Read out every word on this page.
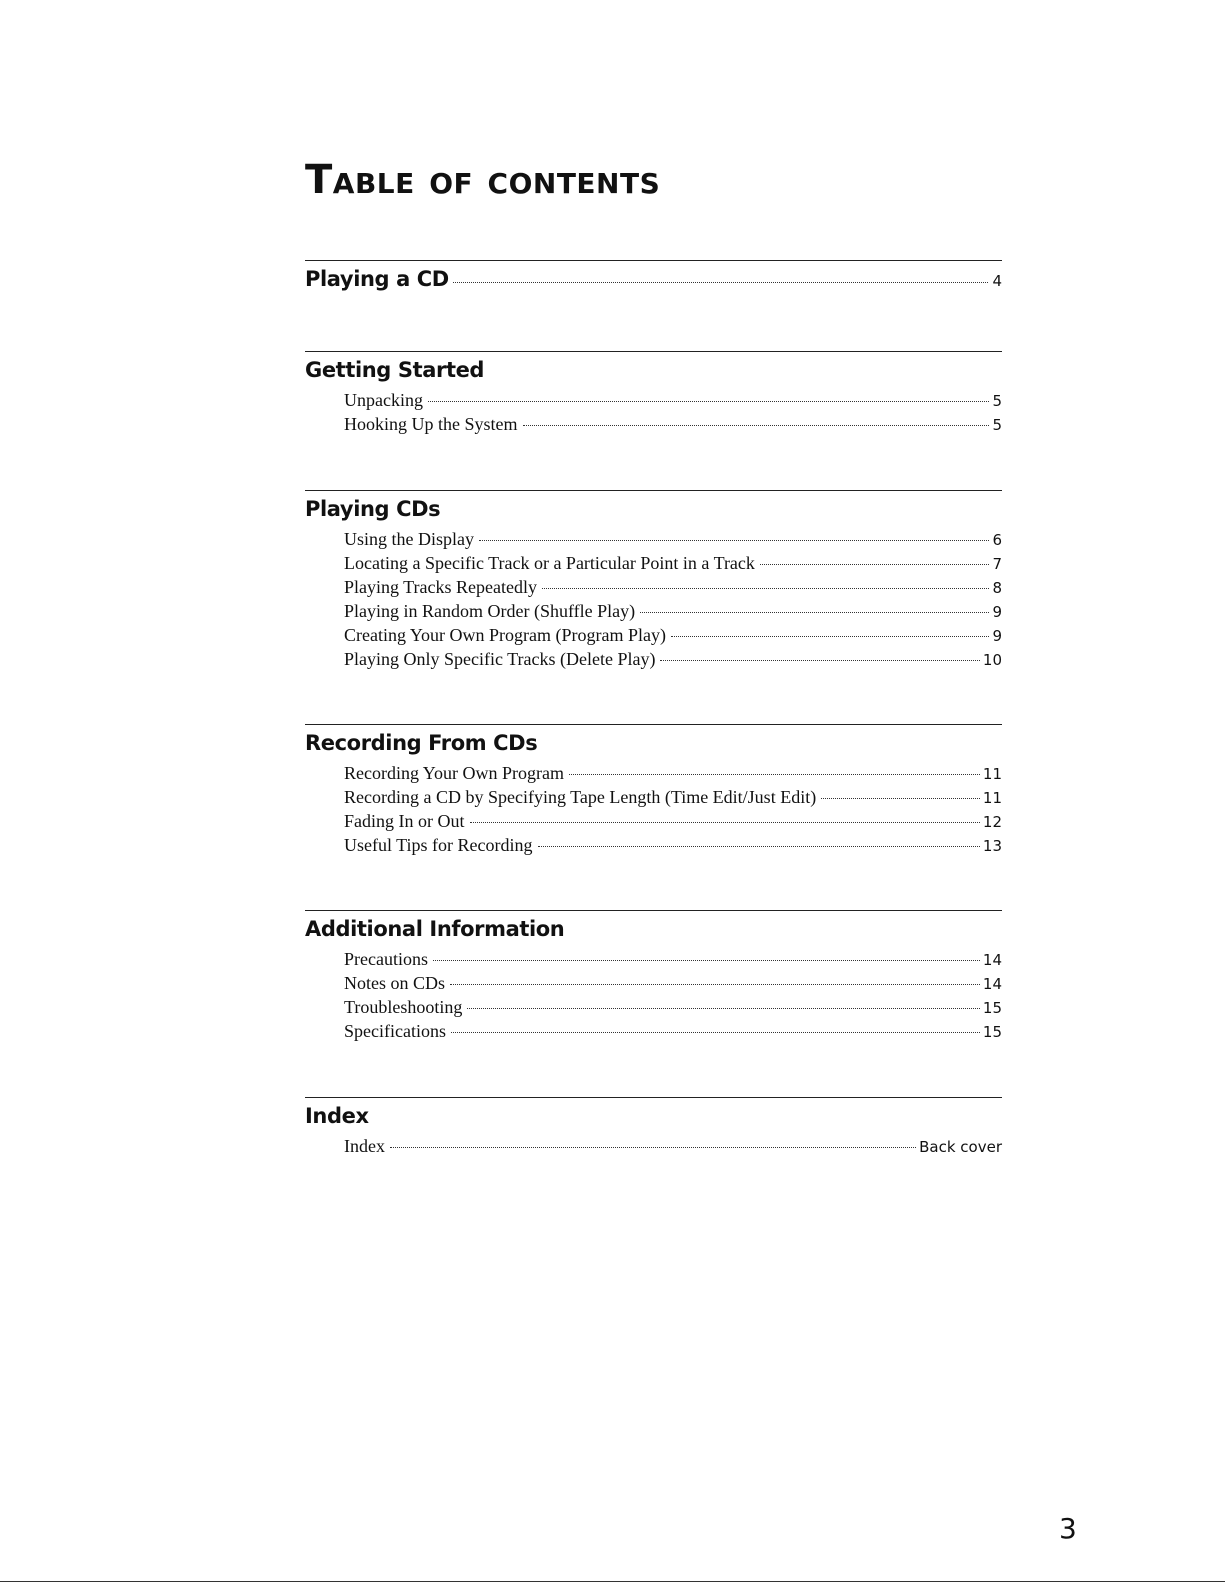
Table of contents
Playing a CD	4
Getting Started
Unpacking	5
Hooking Up the System	5
Playing CDs
Using the Display	6
Locating a Specific Track or a Particular Point in a Track	7
Playing Tracks Repeatedly	8
Playing in Random Order (Shuffle Play)	9
Creating Your Own Program (Program Play)	9
Playing Only Specific Tracks (Delete Play)	10
Recording From CDs
Recording Your Own Program	11
Recording a CD by Specifying Tape Length (Time Edit/Just Edit)	11
Fading In or Out	12
Useful Tips for Recording	13
Additional Information
Precautions	14
Notes on CDs	14
Troubleshooting	15
Specifications	15
Index
Index	Back cover
3
